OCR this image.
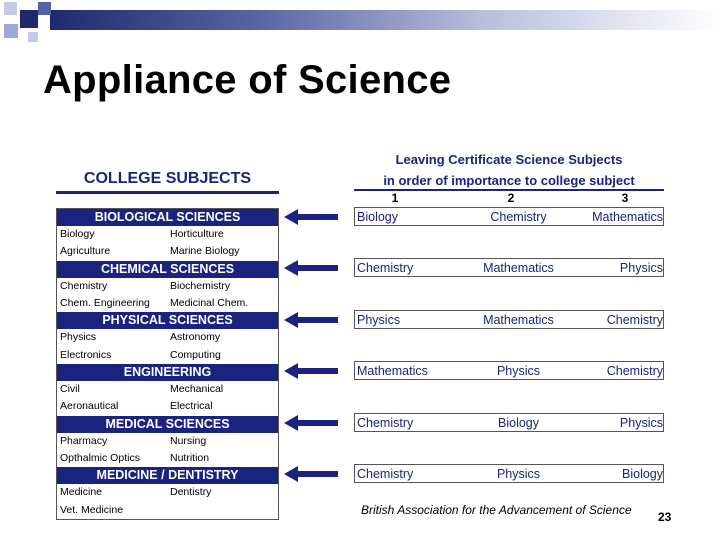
Appliance of Science
COLLEGE SUBJECTS
BIOLOGICAL SCIENCES
Biology	Horticulture
Agriculture	Marine Biology
CHEMICAL SCIENCES
Chemistry	Biochemistry
Chem. Engineering	Medicinal Chem.
PHYSICAL SCIENCES
Physics	Astronomy
Electronics	Computing
ENGINEERING
Civil	Mechanical
Aeronautical	Electrical
MEDICAL SCIENCES
Pharmacy	Nursing
Opthalmic Optics	Nutrition
MEDICINE / DENTISTRY
Medicine	Dentistry
Vet. Medicine
Leaving Certificate Science Subjects
in order of importance to college subject
1	2	3
Biology	Chemistry	Mathematics
Chemistry	Mathematics	Physics
Physics	Mathematics	Chemistry
Mathematics	Physics	Chemistry
Chemistry	Biology	Physics
Chemistry	Physics	Biology
British Association for the Advancement of Science 23
